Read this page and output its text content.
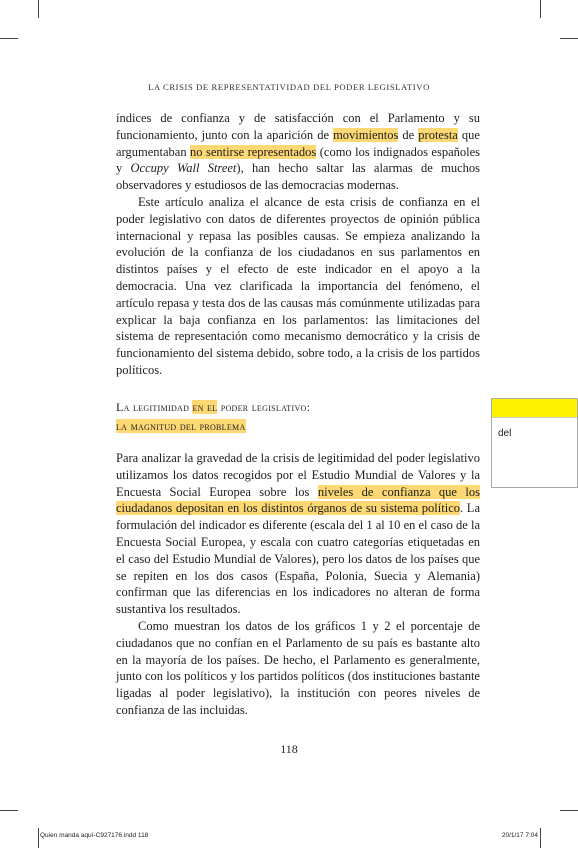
LA CRISIS DE REPRESENTATIVIDAD DEL PODER LEGISLATIVO

índices de confianza y de satisfacción con el Parlamento y su funcionamiento, junto con la aparición de movimientos de protesta que argumentaban no sentirse representados (como los indignados españoles y Occupy Wall Street), han hecho saltar las alarmas de muchos observadores y estudiosos de las democracias modernas.

Este artículo analiza el alcance de esta crisis de confianza en el poder legislativo con datos de diferentes proyectos de opinión pública internacional y repasa las posibles causas. Se empieza analizando la evolución de la confianza de los ciudadanos en sus parlamentos en distintos países y el efecto de este indicador en el apoyo a la democracia. Una vez clarificada la importancia del fenómeno, el artículo repasa y testa dos de las causas más comúnmente utilizadas para explicar la baja confianza en los parlamentos: las limitaciones del sistema de representación como mecanismo democrático y la crisis de funcionamiento del sistema debido, sobre todo, a la crisis de los partidos políticos.

La legitimidad en el poder legislativo:
la magnitud del problema
del

Para analizar la gravedad de la crisis de legitimidad del poder legislativo utilizamos los datos recogidos por el Estudio Mundial de Valores y la Encuesta Social Europea sobre los niveles de confianza que los ciudadanos depositan en los distintos órganos de su sistema político. La formulación del indicador es diferente (escala del 1 al 10 en el caso de la Encuesta Social Europea, y escala con cuatro categorías etiquetadas en el caso del Estudio Mundial de Valores), pero los datos de los países que se repiten en los dos casos (España, Polonia, Suecia y Alemania) confirman que las diferencias en los indicadores no alteran de forma sustantiva los resultados.

Como muestran los datos de los gráficos 1 y 2 el porcentaje de ciudadanos que no confían en el Parlamento de su país es bastante alto en la mayoría de los países. De hecho, el Parlamento es generalmente, junto con los políticos y los partidos políticos (dos instituciones bastante ligadas al poder legislativo), la institución con peores niveles de confianza de las incluidas.

118
Quien manda aquí-C927176.indd 118	20/1/17 7:04
